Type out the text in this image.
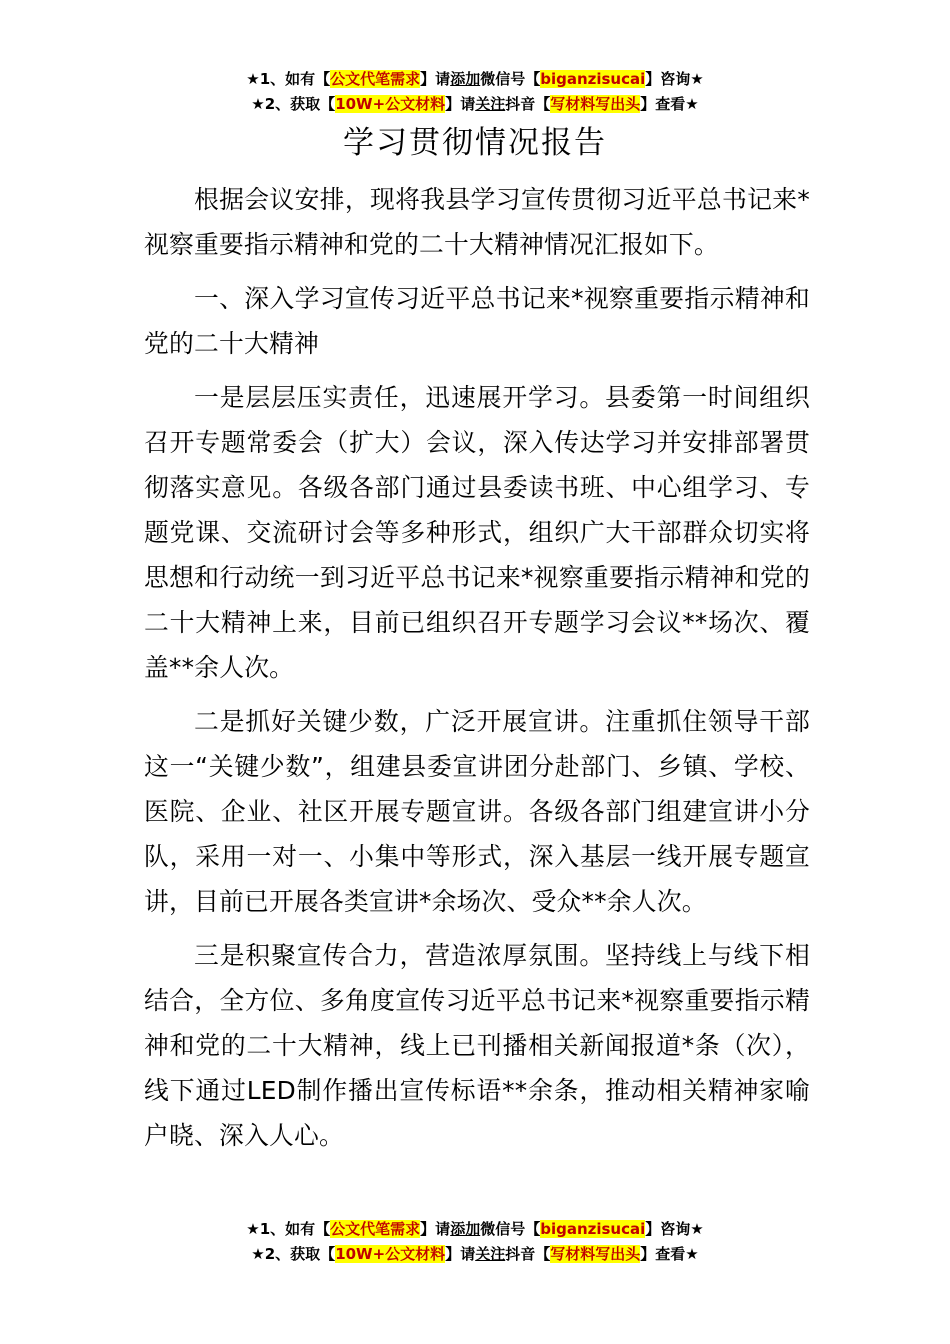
★1、如有【公文代笔需求】请添加微信号【biganzisucai】咨询★
★2、获取【10W+公文材料】请关注抖音【写材料写出头】查看★
学习贯彻情况报告

根据会议安排，现将我县学习宣传贯彻习近平总书记来*视察重要指示精神和党的二十大精神情况汇报如下。

一、深入学习宣传习近平总书记来*视察重要指示精神和党的二十大精神

一是层层压实责任，迅速展开学习。县委第一时间组织召开专题常委会（扩大）会议，深入传达学习并安排部署贯彻落实意见。各级各部门通过县委读书班、中心组学习、专题党课、交流研讨会等多种形式，组织广大干部群众切实将思想和行动统一到习近平总书记来*视察重要指示精神和党的二十大精神上来，目前已组织召开专题学习会议**场次、覆盖**余人次。

二是抓好关键少数，广泛开展宣讲。注重抓住领导干部这一“关键少数”，组建县委宣讲团分赴部门、乡镇、学校、医院、企业、社区开展专题宣讲。各级各部门组建宣讲小分队，采用一对一、小集中等形式，深入基层一线开展专题宣讲，目前已开展各类宣讲*余场次、受众**余人次。

三是积聚宣传合力，营造浓厚氛围。坚持线上与线下相结合，全方位、多角度宣传习近平总书记来*视察重要指示精神和党的二十大精神，线上已刊播相关新闻报道*条（次），线下通过LED制作播出宣传标语**余条，推动相关精神家喻户晓、深入人心。

★1、如有【公文代笔需求】请添加微信号【biganzisucai】咨询★
★2、获取【10W+公文材料】请关注抖音【写材料写出头】查看★
